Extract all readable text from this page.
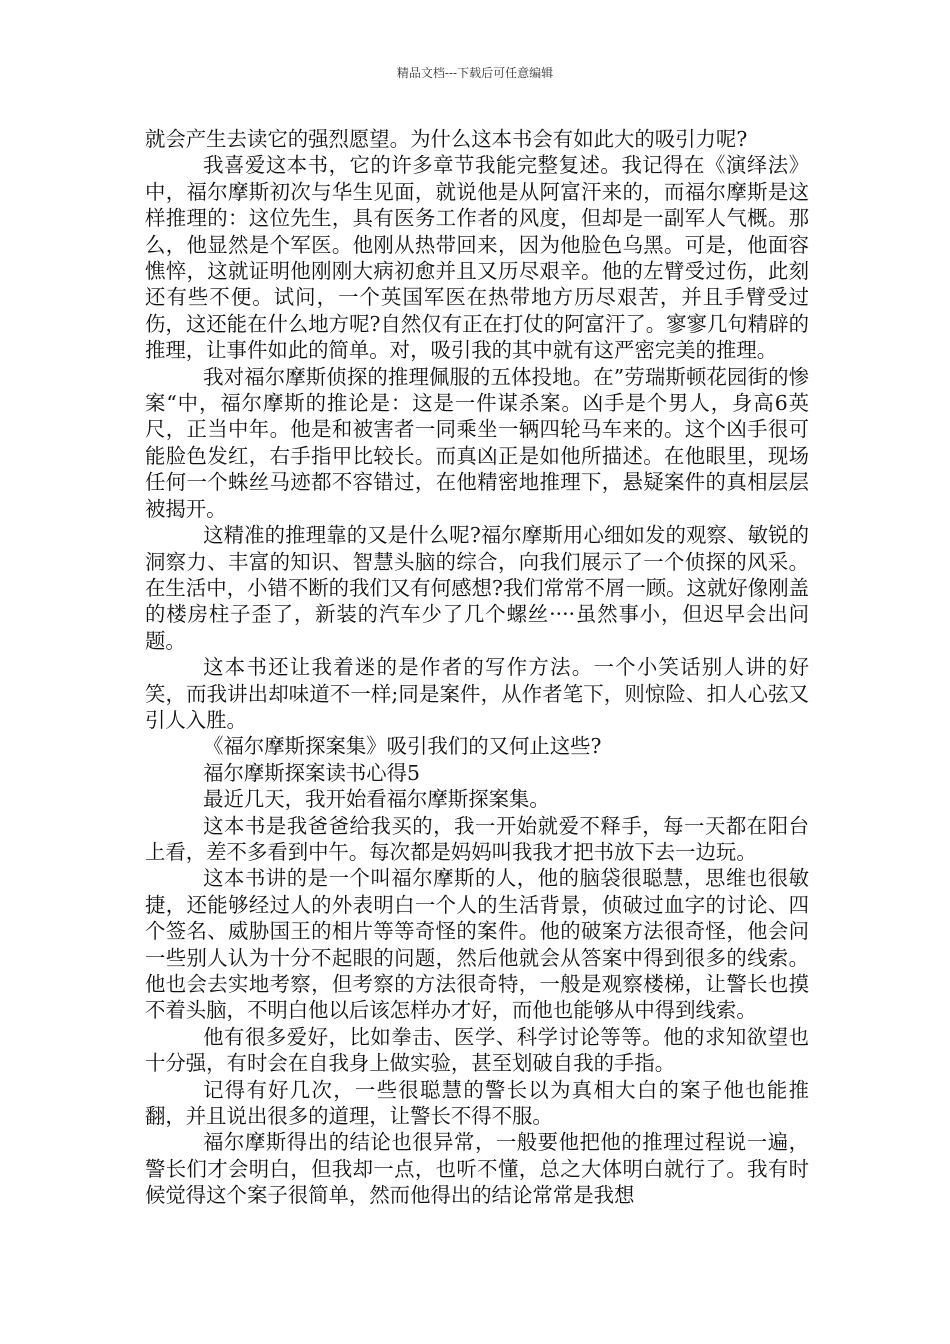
精品文档---下载后可任意编辑

就会产生去读它的强烈愿望。为什么这本书会有如此大的吸引力呢?

我喜爱这本书，它的许多章节我能完整复述。我记得在《演绎法》中，福尔摩斯初次与华生见面，就说他是从阿富汗来的，而福尔摩斯是这样推理的：这位先生，具有医务工作者的风度，但却是一副军人气概。那么，他显然是个军医。他刚从热带回来，因为他脸色乌黑。可是，他面容憔悴，这就证明他刚刚大病初愈并且又历尽艰辛。他的左臂受过伤，此刻还有些不便。试问，一个英国军医在热带地方历尽艰苦，并且手臂受过伤，这还能在什么地方呢?自然仅有正在打仗的阿富汗了。寥寥几句精辟的推理，让事件如此的简单。对，吸引我的其中就有这严密完美的推理。

我对福尔摩斯侦探的推理佩服的五体投地。在”劳瑞斯顿花园街的惨案“中，福尔摩斯的推论是：这是一件谋杀案。凶手是个男人，身高6英尺，正当中年。他是和被害者一同乘坐一辆四轮马车来的。这个凶手很可能脸色发红，右手指甲比较长。而真凶正是如他所描述。在他眼里，现场任何一个蛛丝马迹都不容错过，在他精密地推理下，悬疑案件的真相层层被揭开。

这精准的推理靠的又是什么呢?福尔摩斯用心细如发的观察、敏锐的洞察力、丰富的知识、智慧头脑的综合，向我们展示了一个侦探的风采。在生活中，小错不断的我们又有何感想?我们常常不屑一顾。这就好像刚盖的楼房柱子歪了，新装的汽车少了几个螺丝····虽然事小，但迟早会出问题。

这本书还让我着迷的是作者的写作方法。一个小笑话别人讲的好笑，而我讲出却味道不一样;同是案件，从作者笔下，则惊险、扣人心弦又引人入胜。

《福尔摩斯探案集》吸引我们的又何止这些?

福尔摩斯探案读书心得5

最近几天，我开始看福尔摩斯探案集。

这本书是我爸爸给我买的，我一开始就爱不释手，每一天都在阳台上看，差不多看到中午。每次都是妈妈叫我我才把书放下去一边玩。

这本书讲的是一个叫福尔摩斯的人，他的脑袋很聪慧，思维也很敏捷，还能够经过人的外表明白一个人的生活背景，侦破过血字的讨论、四个签名、威胁国王的相片等等奇怪的案件。他的破案方法很奇怪，他会问一些别人认为十分不起眼的问题，然后他就会从答案中得到很多的线索。他也会去实地考察，但考察的方法很奇特，一般是观察楼梯，让警长也摸不着头脑，不明白他以后该怎样办才好，而他也能够从中得到线索。

他有很多爱好，比如拳击、医学、科学讨论等等。他的求知欲望也十分强，有时会在自我身上做实验，甚至划破自我的手指。

记得有好几次，一些很聪慧的警长以为真相大白的案子他也能推翻，并且说出很多的道理，让警长不得不服。

福尔摩斯得出的结论也很异常，一般要他把他的推理过程说一遍，警长们才会明白，但我却一点，也听不懂，总之大体明白就行了。我有时候觉得这个案子很简单，然而他得出的结论常常是我想
